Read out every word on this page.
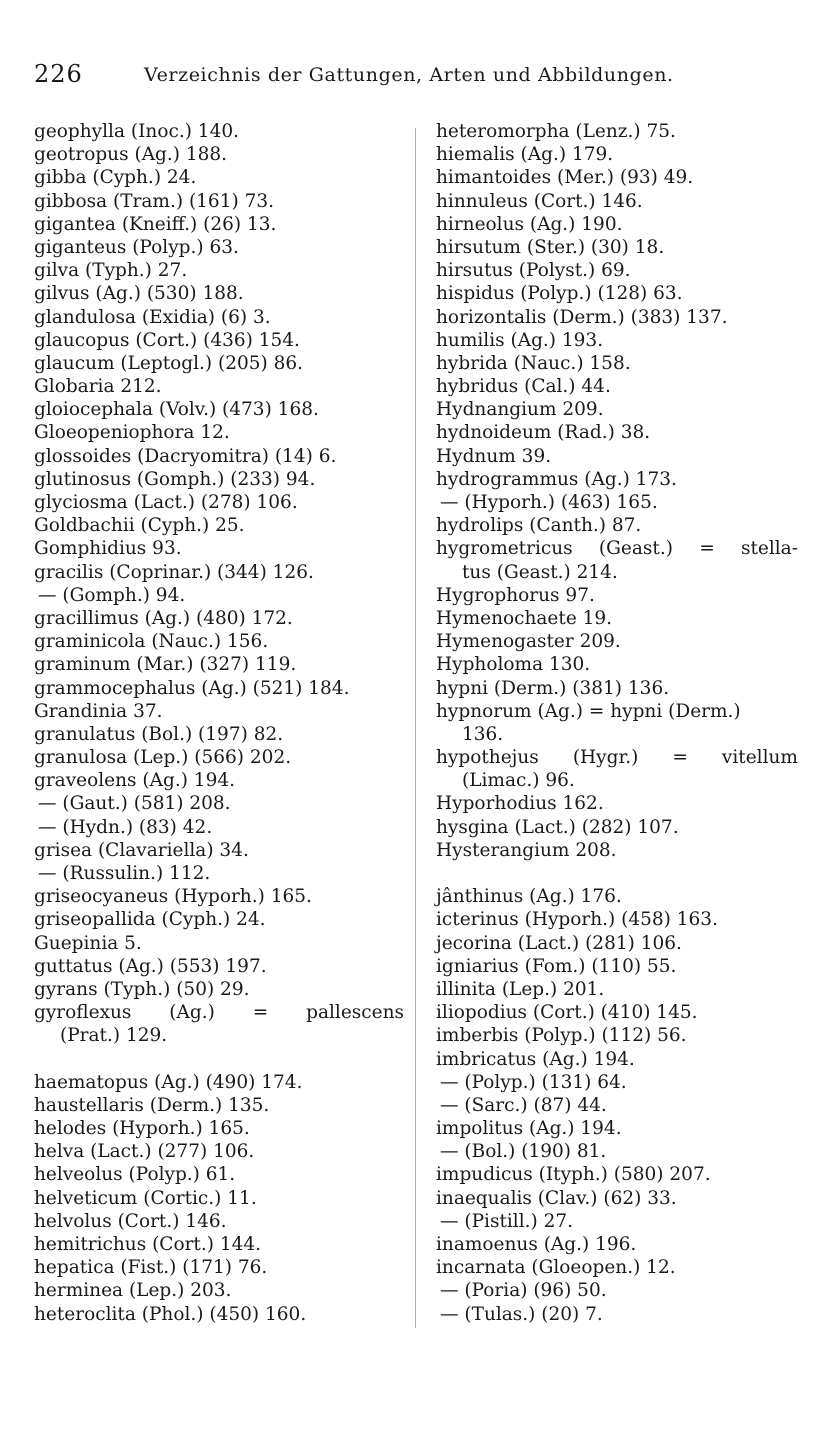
226	Verzeichnis der Gattungen, Arten und Abbildungen.
geophylla (Inoc.) 140.
geotropus (Ag.) 188.
gibba (Cyph.) 24.
gibbosa (Tram.) (161) 73.
gigantea (Kneiff.) (26) 13.
giganteus (Polyp.) 63.
gilva (Typh.) 27.
gilvus (Ag.) (530) 188.
glandulosa (Exidia) (6) 3.
glaucopus (Cort.) (436) 154.
glaucum (Leptogl.) (205) 86.
Globaria 212.
gloiocephala (Volv.) (473) 168.
Gloeopeniophora 12.
glossoides (Dacryomitra) (14) 6.
glutinosus (Gomph.) (233) 94.
glyciosma (Lact.) (278) 106.
Goldbachii (Cyph.) 25.
Gomphidius 93.
gracilis (Coprinar.) (344) 126.
— (Gomph.) 94.
gracillimus (Ag.) (480) 172.
graminicola (Nauc.) 156.
graminum (Mar.) (327) 119.
grammocephalus (Ag.) (521) 184.
Grandinia 37.
granulatus (Bol.) (197) 82.
granulosa (Lep.) (566) 202.
graveolens (Ag.) 194.
— (Gaut.) (581) 208.
— (Hydn.) (83) 42.
grisea (Clavariella) 34.
— (Russulin.) 112.
griseocyaneus (Hyporh.) 165.
griseopallida (Cyph.) 24.
Guepinia 5.
guttatus (Ag.) (553) 197.
gyrans (Typh.) (50) 29.
gyroflexus (Ag.) = pallescens
(Prat.) 129.
haematopus (Ag.) (490) 174.
haustellaris (Derm.) 135.
helodes (Hyporh.) 165.
helva (Lact.) (277) 106.
helveolus (Polyp.) 61.
helveticum (Cortic.) 11.
helvolus (Cort.) 146.
hemitrichus (Cort.) 144.
hepatica (Fist.) (171) 76.
herminea (Lep.) 203.
heteroclita (Phol.) (450) 160.
heteromorpha (Lenz.) 75.
hiemalis (Ag.) 179.
himantoides (Mer.) (93) 49.
hinnuleus (Cort.) 146.
hirneolus (Ag.) 190.
hirsutum (Ster.) (30) 18.
hirsutus (Polyst.) 69.
hispidus (Polyp.) (128) 63.
horizontalis (Derm.) (383) 137.
humilis (Ag.) 193.
hybrida (Nauc.) 158.
hybridus (Cal.) 44.
Hydnangium 209.
hydnoideum (Rad.) 38.
Hydnum 39.
hydrogrammus (Ag.) 173.
— (Hyporh.) (463) 165.
hydrolips (Canth.) 87.
hygrometricus (Geast.) = stella-
tus (Geast.) 214.
Hygrophorus 97.
Hymenochaete 19.
Hymenogaster 209.
Hypholoma 130.
hypni (Derm.) (381) 136.
hypnorum (Ag.) = hypni (Derm.)
136.
hypothejus (Hygr.) = vitellum
(Limac.) 96.
Hyporhodius 162.
hysgina (Lact.) (282) 107.
Hysterangium 208.
jânthinus (Ag.) 176.
icterinus (Hyporh.) (458) 163.
jecorina (Lact.) (281) 106.
igniarius (Fom.) (110) 55.
illinita (Lep.) 201.
iliopodius (Cort.) (410) 145.
imberbis (Polyp.) (112) 56.
imbricatus (Ag.) 194.
— (Polyp.) (131) 64.
— (Sarc.) (87) 44.
impolitus (Ag.) 194.
— (Bol.) (190) 81.
impudicus (Ityph.) (580) 207.
inaequalis (Clav.) (62) 33.
— (Pistill.) 27.
inamoenus (Ag.) 196.
incarnata (Gloeopen.) 12.
— (Poria) (96) 50.
— (Tulas.) (20) 7.
